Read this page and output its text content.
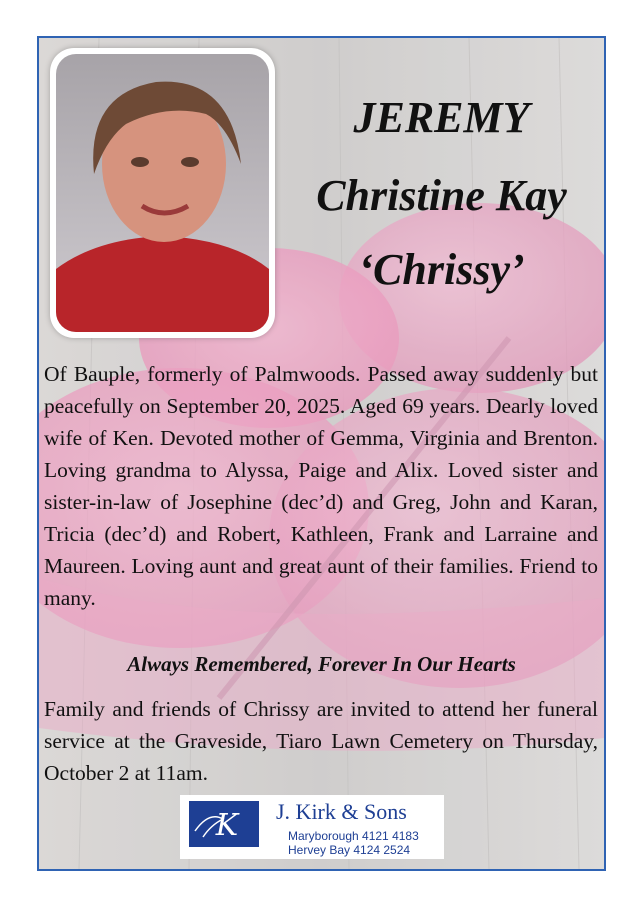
JEREMY
Christine Kay
‘Chrissy’
Of Bauple, formerly of Palmwoods. Passed away suddenly but peacefully on September 20, 2025. Aged 69 years. Dearly loved wife of Ken. Devoted mother of Gemma, Virginia and Brenton. Loving grandma to Alyssa, Paige and Alix. Loved sister and sister-in-law of Josephine (dec’d) and Greg, John and Karan, Tricia (dec’d) and Robert, Kathleen, Frank and Larraine and Maureen. Loving aunt and great aunt of their families. Friend to many.
Always Remembered, Forever In Our Hearts
Family and friends of Chrissy are invited to attend her funeral service at the Graveside, Tiaro Lawn Cemetery on Thursday, October 2 at 11am.
K J. Kirk & Sons
Maryborough 4121 4183
Hervey Bay 4124 2524
